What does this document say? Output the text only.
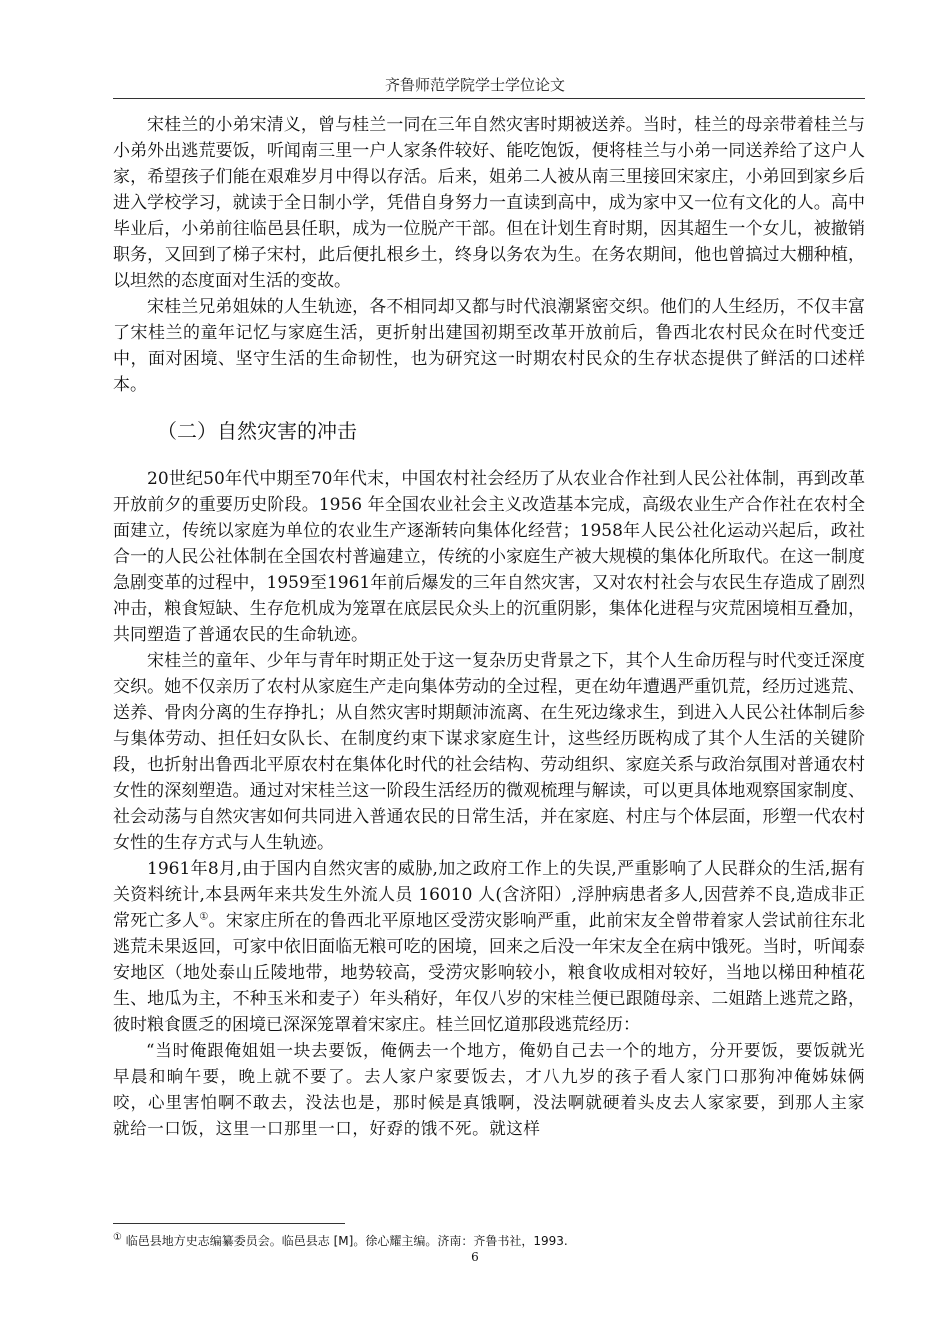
齐鲁师范学院学士学位论文

宋桂兰的小弟宋清义，曾与桂兰一同在三年自然灾害时期被送养。当时，桂兰的母亲带着桂兰与小弟外出逃荒要饭，听闻南三里一户人家条件较好、能吃饱饭，便将桂兰与小弟一同送养给了这户人家，希望孩子们能在艰难岁月中得以存活。后来，姐弟二人被从南三里接回宋家庄，小弟回到家乡后进入学校学习，就读于全日制小学，凭借自身努力一直读到高中，成为家中又一位有文化的人。高中毕业后，小弟前往临邑县任职，成为一位脱产干部。但在计划生育时期，因其超生一个女儿，被撤销职务，又回到了梯子宋村，此后便扎根乡土，终身以务农为生。在务农期间，他也曾搞过大棚种植，以坦然的态度面对生活的变故。

宋桂兰兄弟姐妹的人生轨迹，各不相同却又都与时代浪潮紧密交织。他们的人生经历，不仅丰富了宋桂兰的童年记忆与家庭生活，更折射出建国初期至改革开放前后，鲁西北农村民众在时代变迁中，面对困境、坚守生活的生命韧性，也为研究这一时期农村民众的生存状态提供了鲜活的口述样本。

（二）自然灾害的冲击

20世纪50年代中期至70年代末，中国农村社会经历了从农业合作社到人民公社体制，再到改革开放前夕的重要历史阶段。1956 年全国农业社会主义改造基本完成，高级农业生产合作社在农村全面建立，传统以家庭为单位的农业生产逐渐转向集体化经营；1958年人民公社化运动兴起后，政社合一的人民公社体制在全国农村普遍建立，传统的小家庭生产被大规模的集体化所取代。在这一制度急剧变革的过程中，1959至1961年前后爆发的三年自然灾害，又对农村社会与农民生存造成了剧烈冲击，粮食短缺、生存危机成为笼罩在底层民众头上的沉重阴影，集体化进程与灾荒困境相互叠加，共同塑造了普通农民的生命轨迹。

宋桂兰的童年、少年与青年时期正处于这一复杂历史背景之下，其个人生命历程与时代变迁深度交织。她不仅亲历了农村从家庭生产走向集体劳动的全过程，更在幼年遭遇严重饥荒，经历过逃荒、送养、骨肉分离的生存挣扎；从自然灾害时期颠沛流离、在生死边缘求生，到进入人民公社体制后参与集体劳动、担任妇女队长、在制度约束下谋求家庭生计，这些经历既构成了其个人生活的关键阶段，也折射出鲁西北平原农村在集体化时代的社会结构、劳动组织、家庭关系与政治氛围对普通农村女性的深刻塑造。通过对宋桂兰这一阶段生活经历的微观梳理与解读，可以更具体地观察国家制度、社会动荡与自然灾害如何共同进入普通农民的日常生活，并在家庭、村庄与个体层面，形塑一代农村女性的生存方式与人生轨迹。

1961年8月,由于国内自然灾害的威胁,加之政府工作上的失误,严重影响了人民群众的生活,据有关资料统计,本县两年来共发生外流人员 16010 人(含济阳）,浮肿病患者多人,因营养不良,造成非正常死亡多人①。宋家庄所在的鲁西北平原地区受涝灾影响严重，此前宋友全曾带着家人尝试前往东北逃荒未果返回，可家中依旧面临无粮可吃的困境，回来之后没一年宋友全在病中饿死。当时，听闻泰安地区（地处泰山丘陵地带，地势较高，受涝灾影响较小，粮食收成相对较好，当地以梯田种植花生、地瓜为主，不种玉米和麦子）年头稍好，年仅八岁的宋桂兰便已跟随母亲、二姐踏上逃荒之路，彼时粮食匮乏的困境已深深笼罩着宋家庄。桂兰回忆道那段逃荒经历：

“当时俺跟俺姐姐一块去要饭，俺俩去一个地方，俺奶自己去一个的地方，分开要饭，要饭就光早晨和晌午要，晚上就不要了。去人家户家要饭去，才八九岁的孩子看人家门口那狗冲俺姊妹俩咬，心里害怕啊不敢去，没法也是，那时候是真饿啊，没法啊就硬着头皮去人家家要，到那人主家就给一口饭，这里一口那里一口，好孬的饿不死。就这样

① 临邑县地方史志编纂委员会。临邑县志 [M]。徐心耀主编。济南：齐鲁书社，1993.
6
